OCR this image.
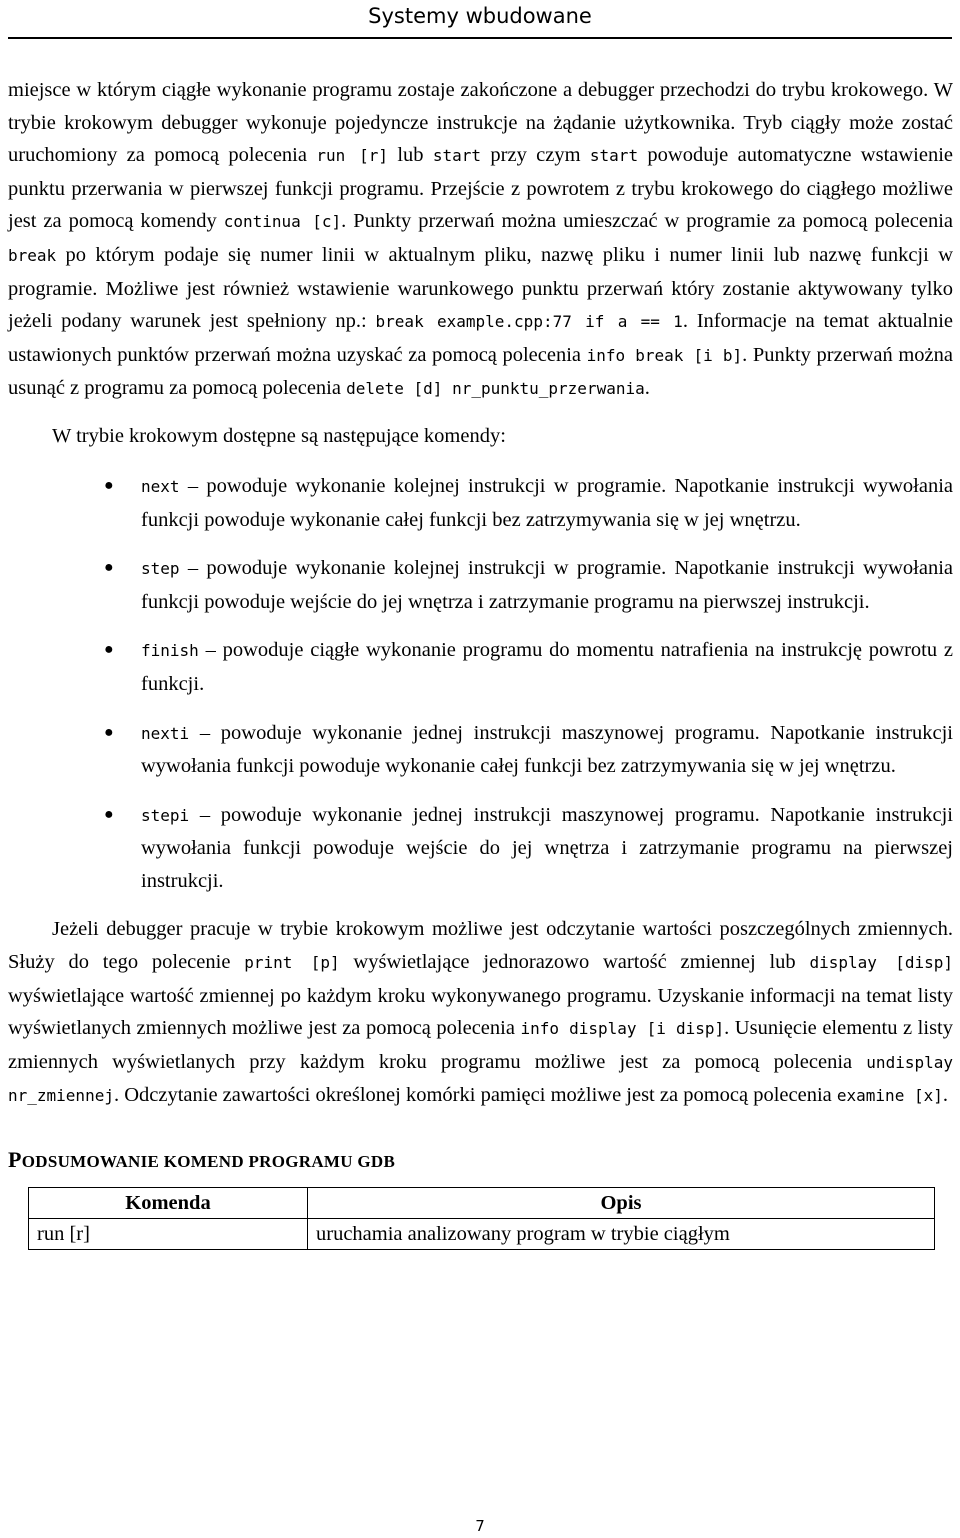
Systemy wbudowane

miejsce w którym ciągłe wykonanie programu zostaje zakończone a debugger przechodzi do trybu krokowego. W trybie krokowym debugger wykonuje pojedyncze instrukcje na żądanie użytkownika. Tryb ciągły może zostać uruchomiony za pomocą polecenia run [r] lub start przy czym start powoduje automatyczne wstawienie punktu przerwania w pierwszej funkcji programu. Przejście z powrotem z trybu krokowego do ciągłego możliwe jest za pomocą komendy continua [c]. Punkty przerwań można umieszczać w programie za pomocą polecenia break po którym podaje się numer linii w aktualnym pliku, nazwę pliku i numer linii lub nazwę funkcji w programie. Możliwe jest również wstawienie warunkowego punktu przerwań który zostanie aktywowany tylko jeżeli podany warunek jest spełniony np.: break example.cpp:77 if a == 1. Informacje na temat aktualnie ustawionych punktów przerwań można uzyskać za pomocą polecenia info break [i b]. Punkty przerwań można usunąć z programu za pomocą polecenia delete [d] nr_punktu_przerwania.

W trybie krokowym dostępne są następujące komendy:

● next – powoduje wykonanie kolejnej instrukcji w programie. Napotkanie instrukcji wywołania funkcji powoduje wykonanie całej funkcji bez zatrzymywania się w jej wnętrzu.
● step – powoduje wykonanie kolejnej instrukcji w programie. Napotkanie instrukcji wywołania funkcji powoduje wejście do jej wnętrza i zatrzymanie programu na pierwszej instrukcji.
● finish – powoduje ciągłe wykonanie programu do momentu natrafienia na instrukcję powrotu z funkcji.
● nexti – powoduje wykonanie jednej instrukcji maszynowej programu. Napotkanie instrukcji wywołania funkcji powoduje wykonanie całej funkcji bez zatrzymywania się w jej wnętrzu.
● stepi – powoduje wykonanie jednej instrukcji maszynowej programu. Napotkanie instrukcji wywołania funkcji powoduje wejście do jej wnętrza i zatrzymanie programu na pierwszej instrukcji.

Jeżeli debugger pracuje w trybie krokowym możliwe jest odczytanie wartości poszczególnych zmiennych. Służy do tego polecenie print [p] wyświetlające jednorazowo wartość zmiennej lub display [disp] wyświetlające wartość zmiennej po każdym kroku wykonywanego programu. Uzyskanie informacji na temat listy wyświetlanych zmiennych możliwe jest za pomocą polecenia info display [i disp]. Usunięcie elementu z listy zmiennych wyświetlanych przy każdym kroku programu możliwe jest za pomocą polecenia undisplay nr_zmiennej. Odczytanie zawartości określonej komórki pamięci możliwe jest za pomocą polecenia examine [x].

PODSUMOWANIE KOMEND PROGRAMU GDB
Komenda	Opis
run [r]	uruchamia analizowany program w trybie ciągłym
7
